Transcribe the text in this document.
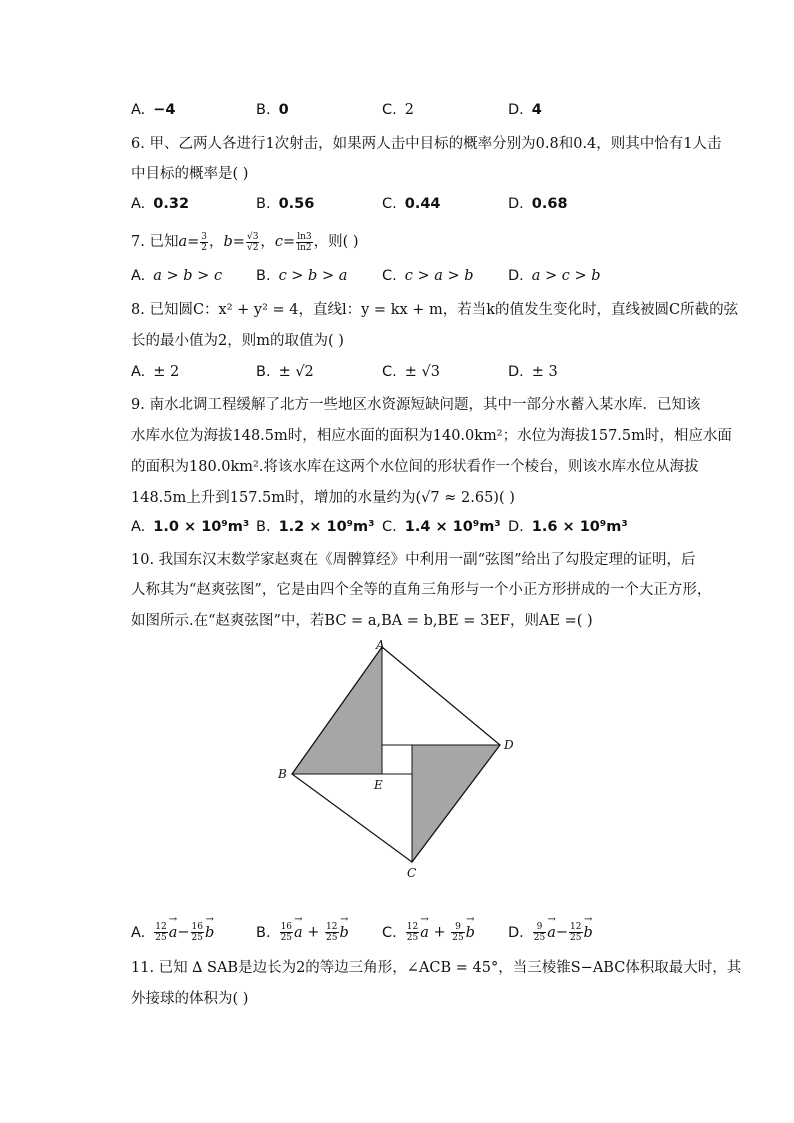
A. −4	B. 0	C. 2	D. 4
6. 甲、乙两人各进行1次射击，如果两人击中目标的概率分别为0.8和0.4，则其中恰有1人击
中目标的概率是( )
A. 0.32	B. 0.56	C. 0.44	D. 0.68
7. 已知$a= \frac{3}{2}$ ，$b= \frac{√3}{√2}$ ，$c= \frac{\ln 3}{\ln 2}$ ，则( )
A. a > b > c B. c > b > a C. c > a > b D. a > c > b
8. 已知圆C：x² + y² = 4，直线l：y = kx + m，若当k的值发生变化时，直线被圆C所截的弦
长的最小值为2，则m的取值为( )
A. ± 2	B. ± √2	C. ± √3	D. ± 3
9. 南水北调工程缓解了北方一些地区水资源短缺问题，其中一部分水蓄入某水库．已知该
水库水位为海拔148.5m时，相应水面的面积为140.0km²；水位为海拔157.5m时，相应水面
的面积为180.0km².将该水库在这两个水位间的形状看作一个棱台，则该水库水位从海拔
148.5m上升到157.5m时，增加的水量约为(√7 ≈ 2.65)( )
A. 1.0 × 10⁹m³ B. 1.2 × 10⁹m³ C. 1.4 × 10⁹m³ D. 1.6 × 10⁹m³
10. 我国东汉末数学家赵爽在《周髀算经》中利用一副“弦图”给出了勾股定理的证明，后
人称其为“赵爽弦图”，它是由四个全等的直角三角形与一个小正方形拼成的一个大正方形，
如图所示.在“赵爽弦图”中，若BC = a,BA = b,BE = 3EF，则AE =( )
A
D
C
B
E
A. $\frac{12}{25} \to a- \frac{16}{25} \to b$	B. $\frac{16}{25} \to a + \frac{12}{25} \to b$ C. $\frac{12}{25} \to a + \frac{9}{25} \to b$ D. $\frac{9}{25} \to a- \frac{12}{25} \to b$
11. 已知 ∆ SAB是边长为2的等边三角形，∠ACB = 45°，当三棱锥S−ABC体积取最大时，其
外接球的体积为( )
